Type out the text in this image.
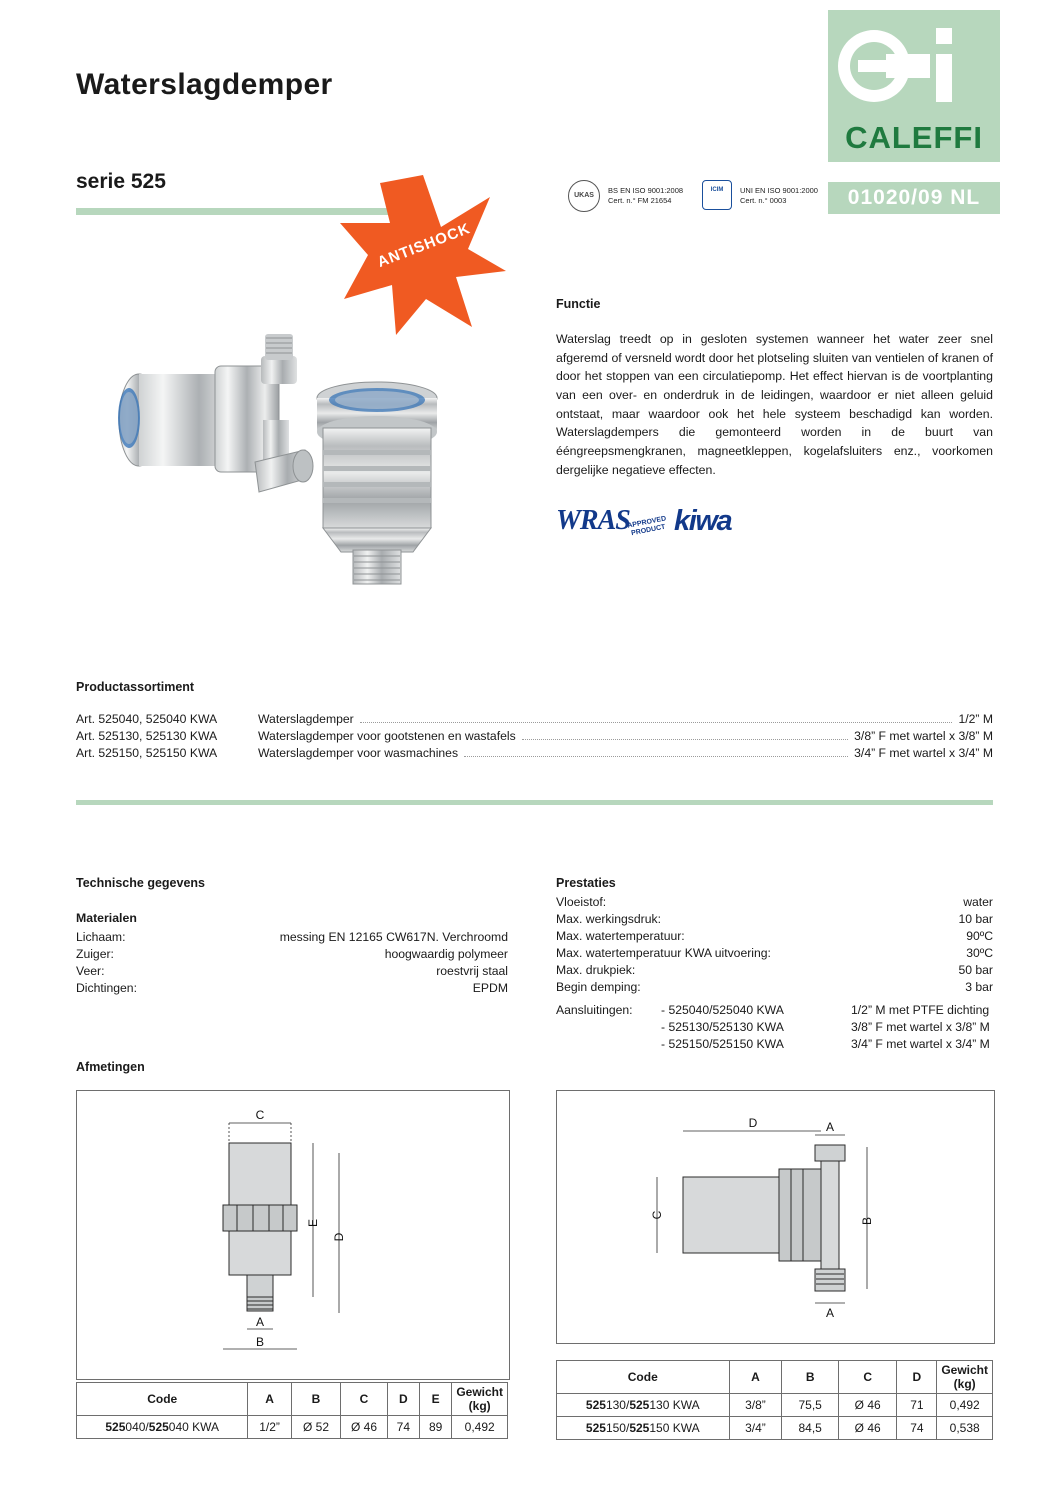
CALEFFI
01020/09 NL
Waterslagdemper
serie 525
UKAS
BS EN ISO 9001:2008
Cert. n.° FM 21654
ICIM	UNI EN ISO 9001:2000
Cert. n.° 0003
ANTISHOCK
Functie
Waterslag treedt op in gesloten systemen wanneer het water zeer snel afgeremd of versneld wordt door het plotseling sluiten van ventielen of kranen of door het stoppen van een circulatiepomp. Het effect hiervan is de voortplanting van een over- en onderdruk in de leidingen, waardoor er niet alleen geluid ontstaat, maar waardoor ook het hele systeem beschadigd kan worden. Waterslagdempers die gemonteerd worden in de buurt van ééngreepsmengkranen, magneetkleppen, kogelafsluiters enz., voorkomen dergelijke negatieve effecten.
WRAS
APPROVED PRODUCT kiwa
Productassortiment
Art. 525040, 525040 KWA	Waterslagdemper	1/2” M
Art. 525130, 525130 KWA	Waterslagdemper voor gootstenen en wastafels	3/8” F met wartel x 3/8” M
Art. 525150, 525150 KWA	Waterslagdemper voor wasmachines	3/4” F met wartel x 3/4” M
Technische gegevens
Materialen
Lichaam:	messing EN 12165 CW617N. Verchroomd
Zuiger:	hoogwaardig polymeer
Veer:	roestvrij staal
Dichtingen:	EPDM
Prestaties
Vloeistof:	water
Max. werkingsdruk:	10 bar
Max. watertemperatuur:	90ºC
Max. watertemperatuur KWA uitvoering:	30ºC
Max. drukpiek:	50 bar
Begin demping:	3 bar
Aansluitingen:	- 525040/525040 KWA	1/2” M met PTFE dichting
- 525130/525130 KWA	3/8” F met wartel x 3/8” M
- 525150/525150 KWA	3/4” F met wartel x 3/4” M
Afmetingen
C
A
B
D
E
D	A
A
C
B
Code	A	B	C	D	E	Gewicht (kg)
525040/525040 KWA	1/2”	Ø 52	Ø 46	74	89	0,492
Code	A	B	C	D	Gewicht (kg)
525130/525130 KWA	3/8”	75,5	Ø 46	71	0,492
525150/525150 KWA	3/4”	84,5	Ø 46	74	0,538
